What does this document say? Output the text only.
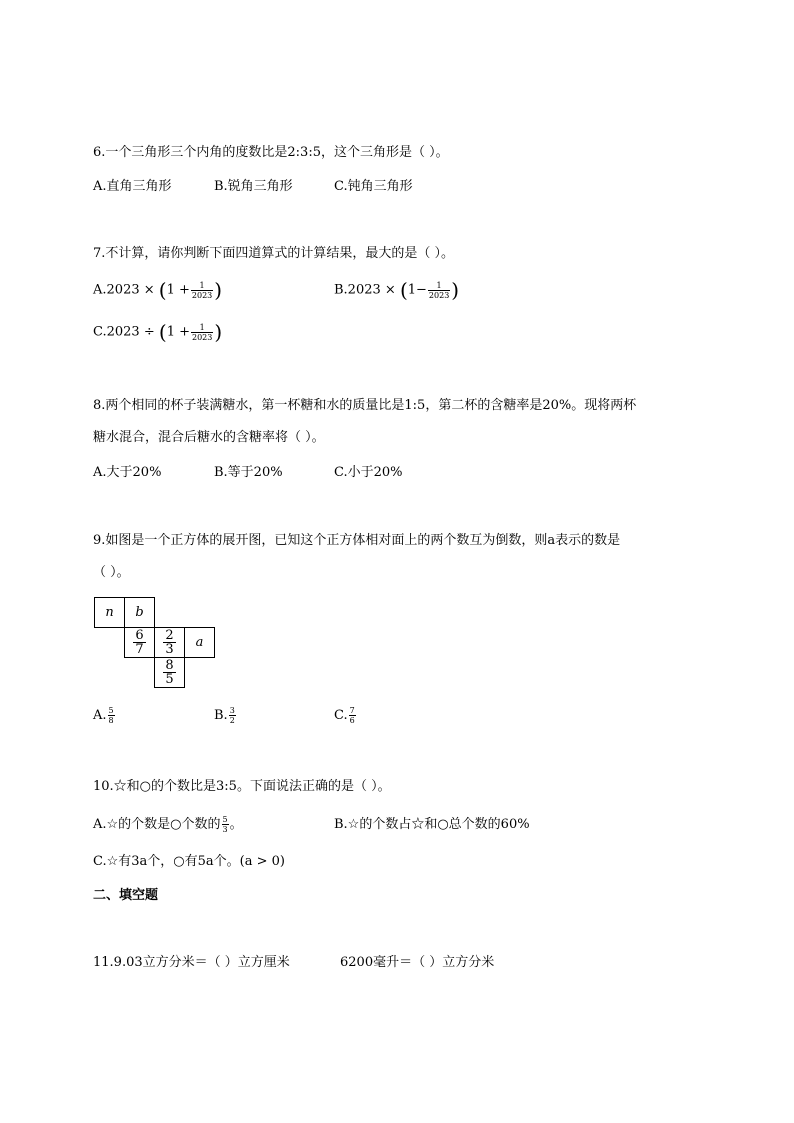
6.一个三角形三个内角的度数比是2:3:5，这个三角形是（ ）。
A.直角三角形	B.锐角三角形	C.钝角三角形
7.不计算，请你判断下面四道算式的计算结果，最大的是（ ）。
$A.2023 \times (1 + \frac{1}{2023}$ )	$B.2023 \times (1- \frac{1}{2023}$ )
$C.2023 \div (1 + \frac{1}{2023}$ )
8.两个相同的杯子装满糖水，第一杯糖和水的质量比是1:5，第二杯的含糖率是20%。现将两杯
糖水混合，混合后糖水的含糖率将（ ）。
A.大于20%	B.等于20%	C.小于20%
9.如图是一个正方体的展开图，已知这个正方体相对面上的两个数互为倒数，则a表示的数是
（ ）。
n	b
$\frac{6}{7} \frac{2}{3}$	a
$\frac{8}{5}$
A. $\frac{5}{8}$	B. $\frac{3}{2}$	C. $\frac{7}{6}$
10.☆和○的个数比是3:5。下面说法正确的是（ ）。
A.☆的个数是○个数的 $\frac{5}{3}$ 。	B.☆的个数占☆和○总个数的60%
C.☆有3a个，○有5a个。(a > 0)
二、填空题
11.9.03立方分米＝（ ）立方厘米	6200毫升＝（ ）立方分米
